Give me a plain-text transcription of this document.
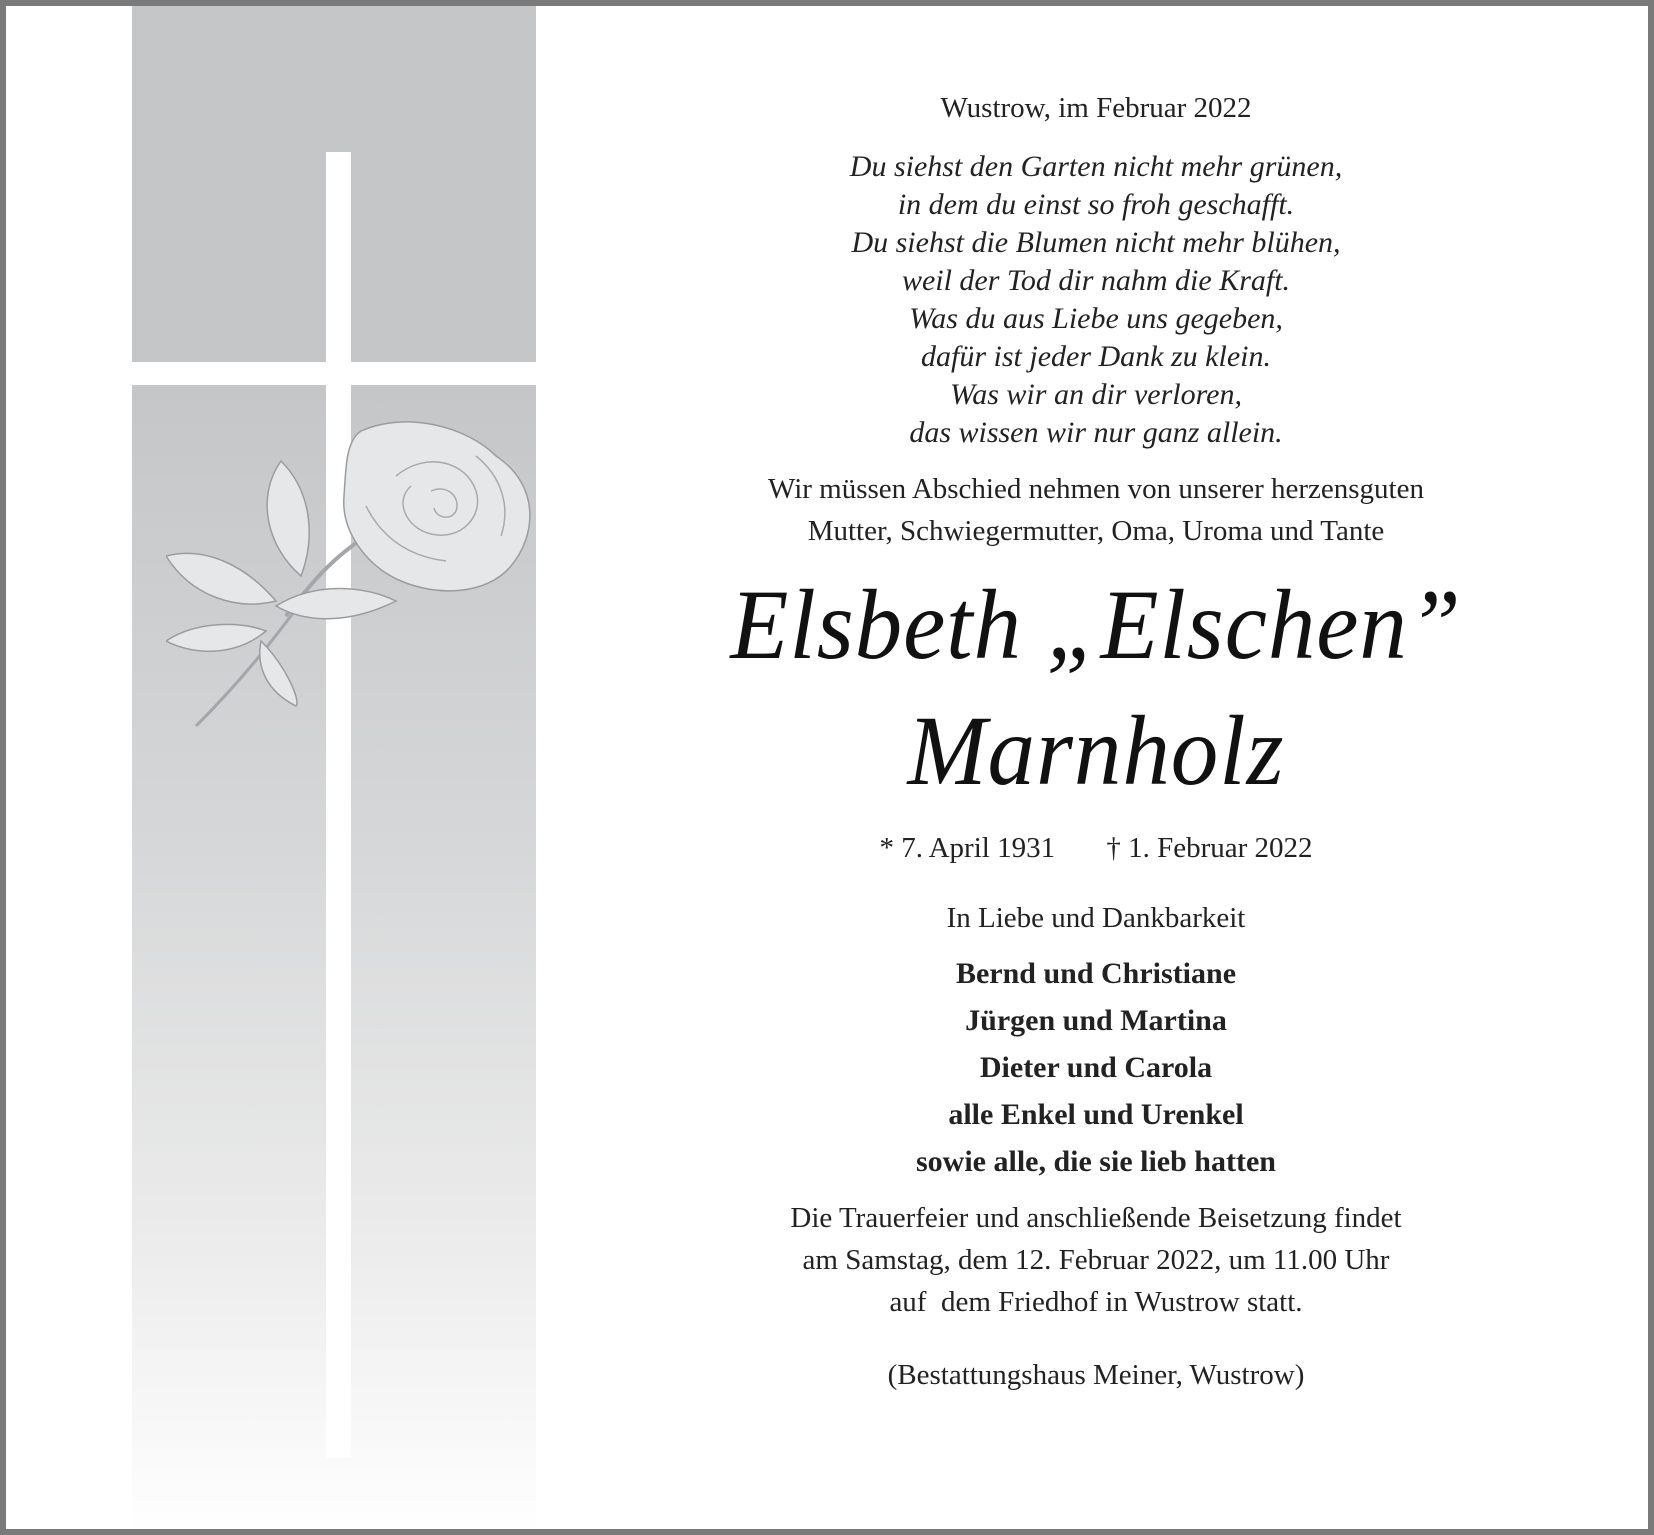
Wustrow, im Februar 2022
Du siehst den Garten nicht mehr grünen,
in dem du einst so froh geschafft.
Du siehst die Blumen nicht mehr blühen,
weil der Tod dir nahm die Kraft.
Was du aus Liebe uns gegeben,
dafür ist jeder Dank zu klein.
Was wir an dir verloren,
das wissen wir nur ganz allein.
Wir müssen Abschied nehmen von unserer herzensguten
Mutter, Schwiegermutter, Oma, Uroma und Tante
Elsbeth „Elschen”
Marnholz
* 7. April 1931 † 1. Februar 2022
In Liebe und Dankbarkeit
Bernd und Christiane
Jürgen und Martina
Dieter und Carola
alle Enkel und Urenkel
sowie alle, die sie lieb hatten
Die Trauerfeier und anschließende Beisetzung findet
am Samstag, dem 12. Februar 2022, um 11.00 Uhr
auf  dem Friedhof in Wustrow statt.
(Bestattungshaus Meiner, Wustrow)
